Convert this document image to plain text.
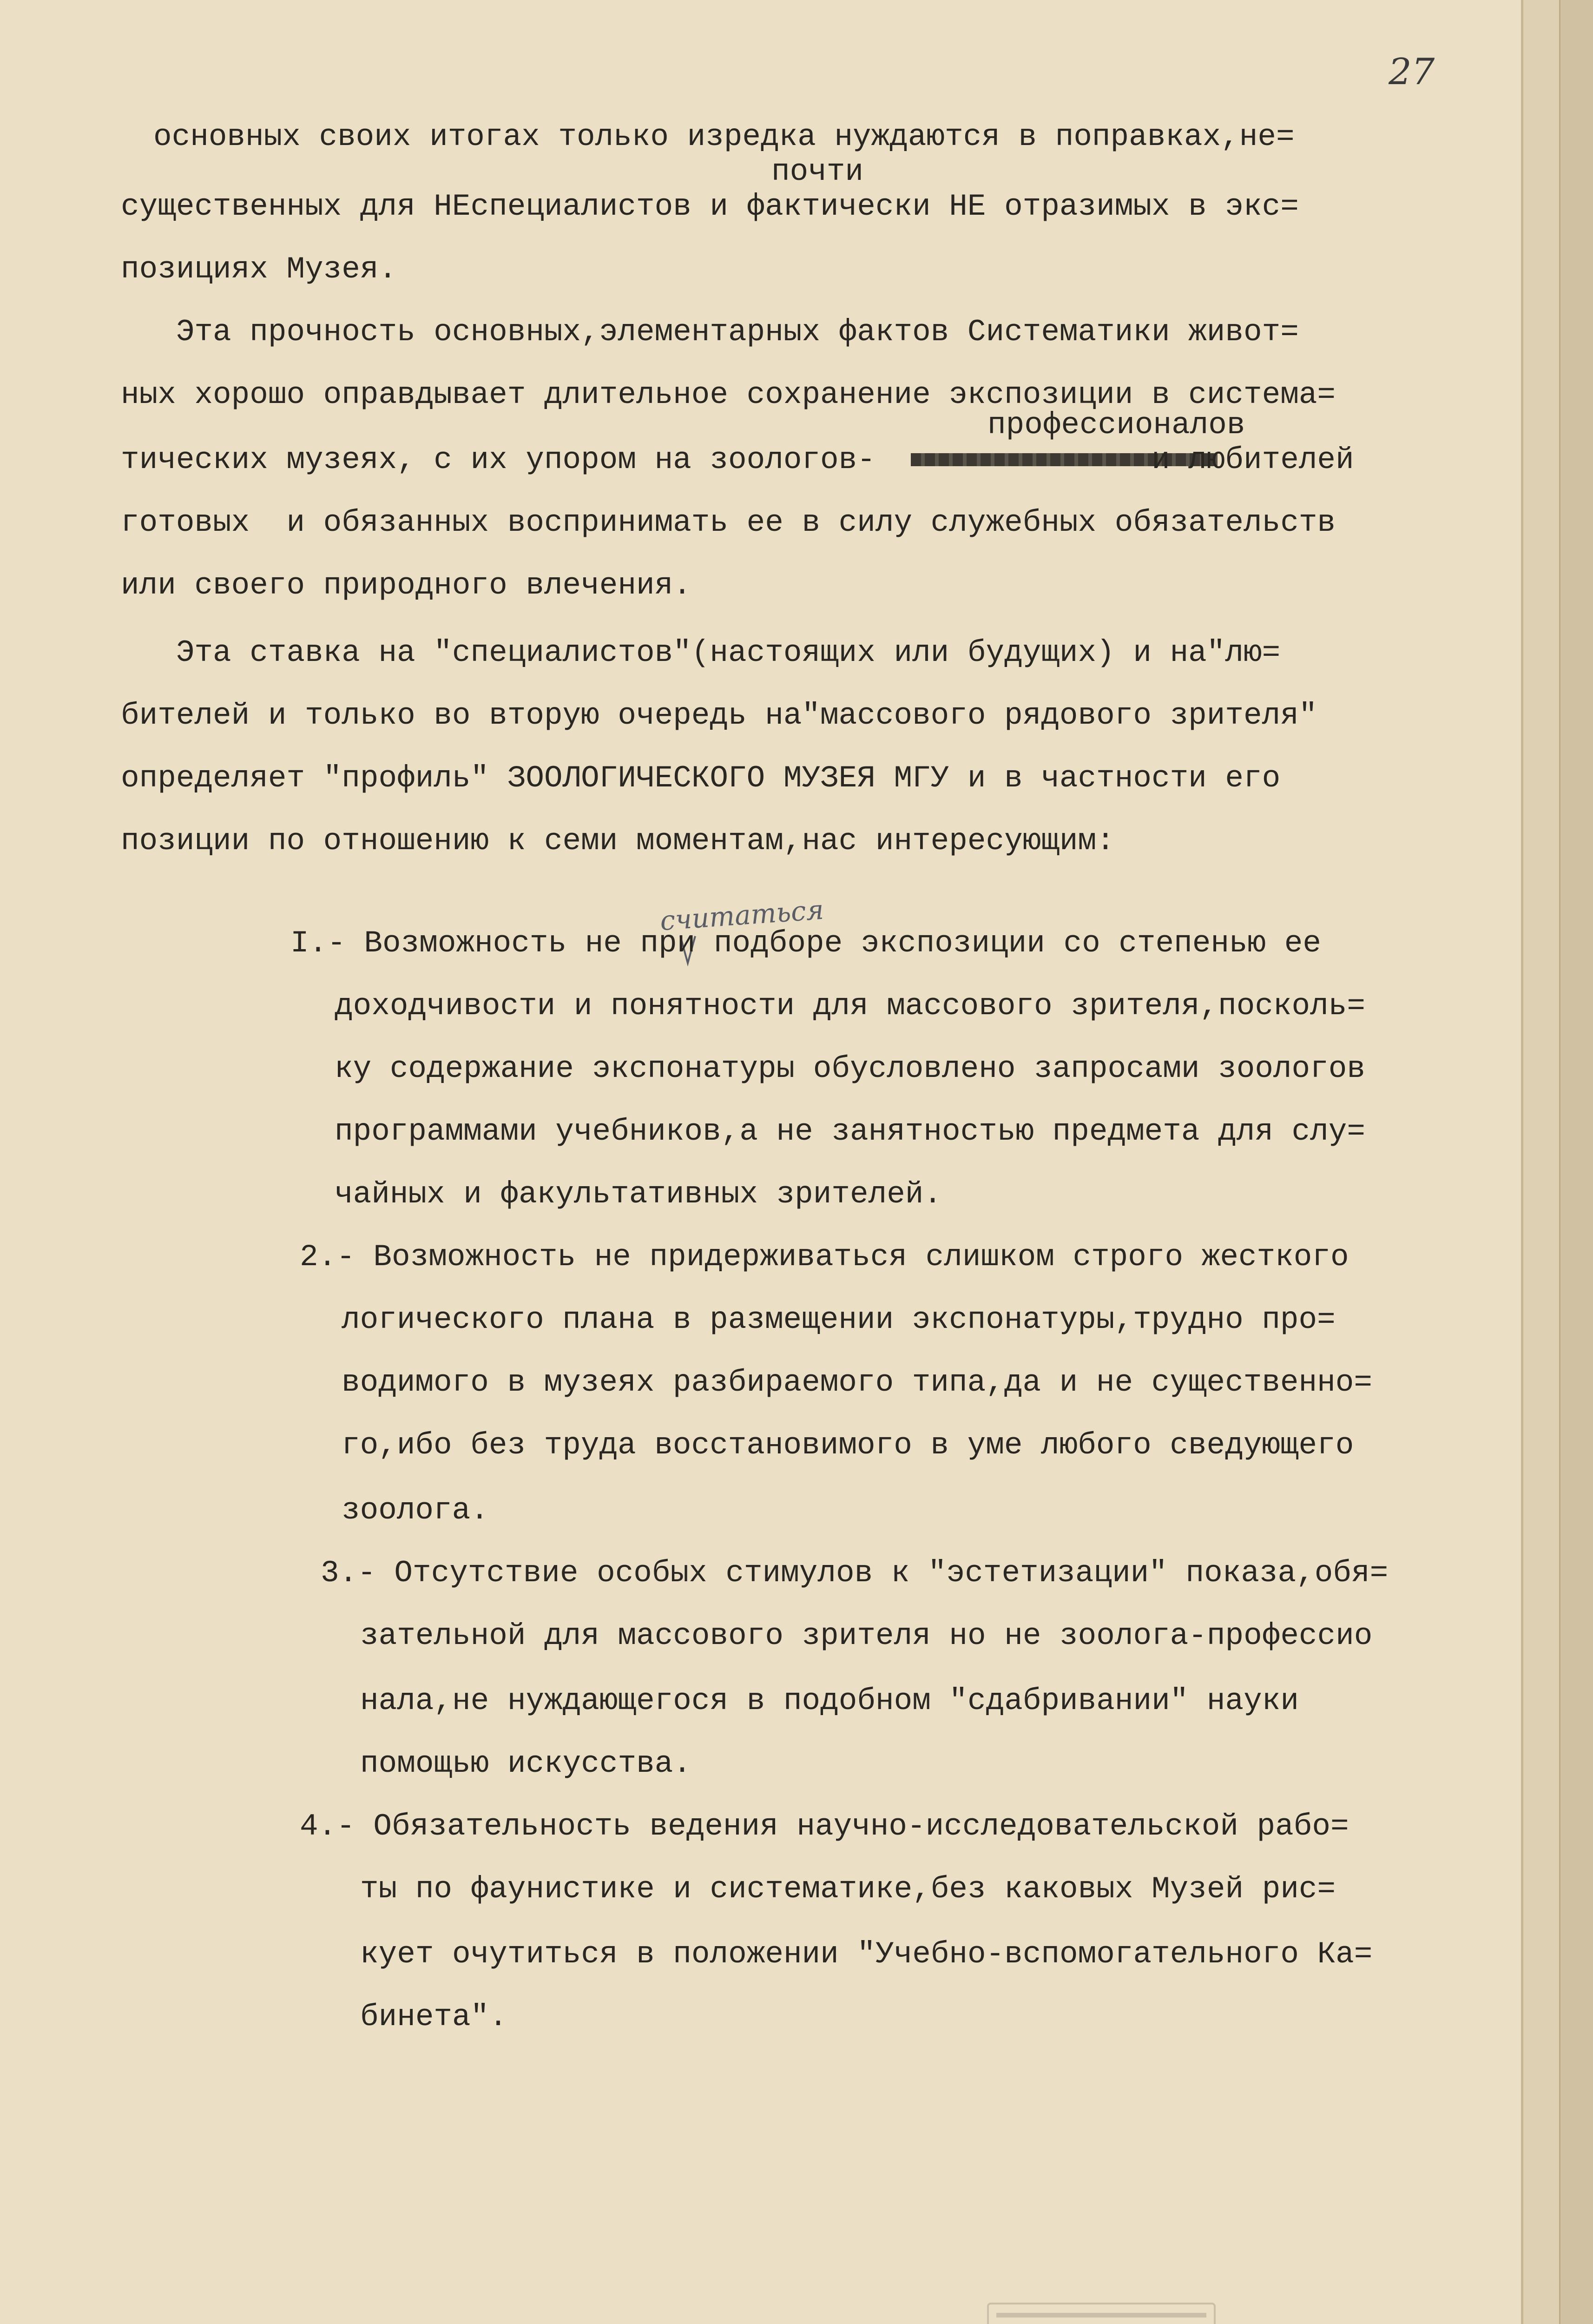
27
почти
профессионалов
считаться

основных своих итогах только изредка нуждаются в поправках,не=

существенных для НЕспециалистов и фактически НЕ отразимых в экс=

позициях Музея.

Эта прочность основных,элементарных фактов Систематики живот=

ных хорошо оправдывает длительное сохранение экспозиции в система=

тических музеях, с их упором на зоологов-               и любителей

готовых  и обязанных воспринимать ее в силу служебных обязательств

или своего природного влечения.

Эта ставка на "специалистов"(настоящих или будущих) и на"лю=

бителей и только во вторую очередь на"массового рядового зрителя"

определяет "профиль" ЗООЛОГИЧЕСКОГО МУЗЕЯ МГУ и в частности его

позиции по отношению к семи моментам,нас интересующим:

I.- Возможность не при подборе экспозиции со степенью ее

доходчивости и понятности для массового зрителя,посколь=

ку содержание экспонатуры обусловлено запросами зоологов

программами учебников,а не занятностью предмета для слу=

чайных и факультативных зрителей.

2.- Возможность не придерживаться слишком строго жесткого

логического плана в размещении экспонатуры,трудно про=

водимого в музеях разбираемого типа,да и не существенно=

го,ибо без труда восстановимого в уме любого сведующего

зоолога.

3.- Отсутствие особых стимулов к "эстетизации" показа,обя=

зательной для массового зрителя но не зоолога-профессио

нала,не нуждающегося в подобном "сдабривании" науки

помощью искусства.

4.- Обязательность ведения научно-исследовательской рабо=

ты по фаунистике и систематике,без каковых Музей рис=

кует очутиться в положении "Учебно-вспомогательного Ка=

бинета".
